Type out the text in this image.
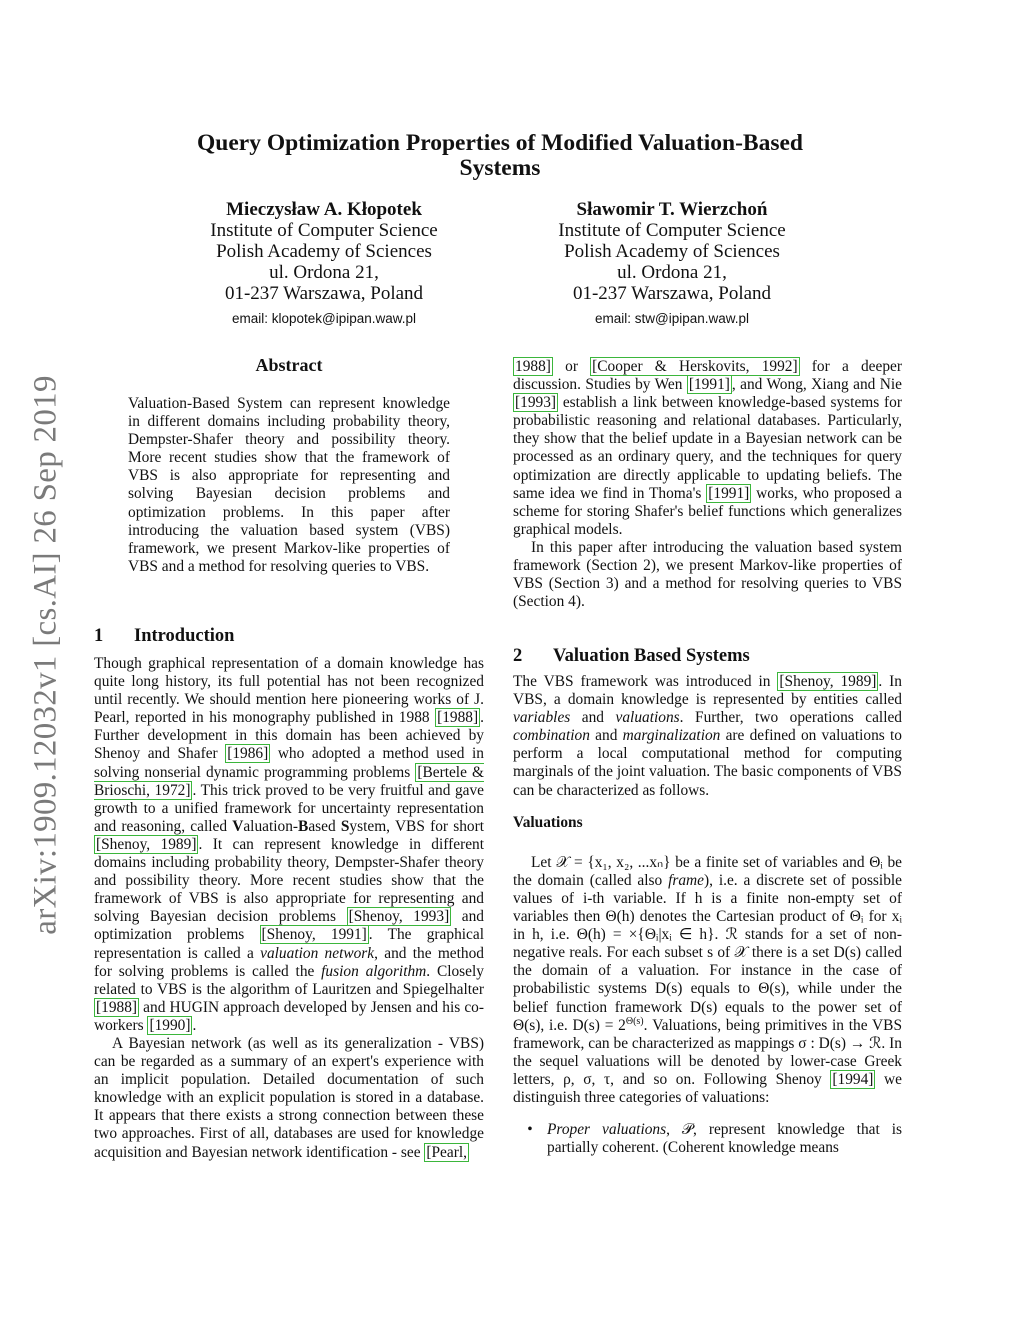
arXiv:1909.12032v1 [cs.AI] 26 Sep 2019
Query Optimization Properties of Modified Valuation-Based
Systems
Mieczysław A. Kłopotek
Institute of Computer Science
Polish Academy of Sciences
ul. Ordona 21,
01-237 Warszawa, Poland
email: klopotek@ipipan.waw.pl
Sławomir T. Wierzchoń
Institute of Computer Science
Polish Academy of Sciences
ul. Ordona 21,
01-237 Warszawa, Poland
email: stw@ipipan.waw.pl
Abstract

Valuation-Based System can represent knowledge in different domains including probability theory, Dempster-Shafer theory and possibility theory. More recent studies show that the framework of VBS is also appropriate for representing and solving Bayesian decision problems and optimization problems. In this paper after introducing the valuation based system (VBS) framework, we present Markov-like properties of VBS and a method for resolving queries to VBS.

1 Introduction

Though graphical representation of a domain knowledge has quite long history, its full potential has not been recognized until recently. We should mention here pioneering works of J. Pearl, reported in his monography published in 1988 [1988] . Further development in this domain has been achieved by Shenoy and Shafer [1986] who adopted a method used in solving nonserial dynamic programming problems [Bertele & Brioschi, 1972] . This trick proved to be very fruitful and gave growth to a unified framework for uncertainty representation and reasoning, called Valuation-Based System, VBS for short [Shenoy, 1989] . It can represent knowledge in different domains including probability theory, Dempster-Shafer theory and possibility theory. More recent studies show that the framework of VBS is also appropriate for representing and solving Bayesian decision problems [Shenoy, 1993] and optimization problems [Shenoy, 1991] . The graphical representation is called a valuation network, and the method for solving problems is called the fusion algorithm. Closely related to VBS is the algorithm of Lauritzen and Spiegelhalter [1988] and HUGIN approach developed by Jensen and his co-workers [1990] .

A Bayesian network (as well as its generalization - VBS) can be regarded as a summary of an expert's experience with an implicit population. Detailed documentation of such knowledge with an explicit population is stored in a database. It appears that there exists a strong connection between these two approaches. First of all, databases are used for knowledge acquisition and Bayesian network identification - see [Pearl,

1988] or [Cooper & Herskovits, 1992] for a deeper discussion. Studies by Wen [1991] , and Wong, Xiang and Nie [1993] establish a link between knowledge-based systems for probabilistic reasoning and relational databases. Particularly, they show that the belief update in a Bayesian network can be processed as an ordinary query, and the techniques for query optimization are directly applicable to updating beliefs. The same idea we find in Thoma's [1991] works, who proposed a scheme for storing Shafer's belief functions which generalizes graphical models.

In this paper after introducing the valuation based system framework (Section 2), we present Markov-like properties of VBS (Section 3) and a method for resolving queries to VBS (Section 4).

2 Valuation Based Systems

The VBS framework was introduced in [Shenoy, 1989] . In VBS, a domain knowledge is represented by entities called variables and valuations. Further, two operations called combination and marginalization are defined on valuations to perform a local computational method for computing marginals of the joint valuation. The basic components of VBS can be characterized as follows.

Valuations

Let 𝒳 = {x₁, x₂, ...xₙ} be a finite set of variables and Θᵢ be the domain (called also frame), i.e. a discrete set of possible values of i-th variable. If h is a finite non-empty set of variables then Θ(h) denotes the Cartesian product of Θᵢ for xᵢ in h, i.e. Θ(h) = ×{Θᵢ|xᵢ ∈ h}. ℛ stands for a set of non-negative reals. For each subset s of 𝒳 there is a set D(s) called the domain of a valuation. For instance in the case of probabilistic systems D(s) equals to Θ(s), while under the belief function framework D(s) equals to the power set of Θ(s), i.e. $D(s) = 2^{\Theta(s)}$. Valuations, being primitives in the VBS framework, can be characterized as mappings σ : D(s) → ℛ. In the sequel valuations will be denoted by lower-case Greek letters, ρ, σ, τ, and so on. Following Shenoy [1994] we distinguish three categories of valuations:

• Proper valuations, 𝒫, represent knowledge that is partially coherent. (Coherent knowledge means
